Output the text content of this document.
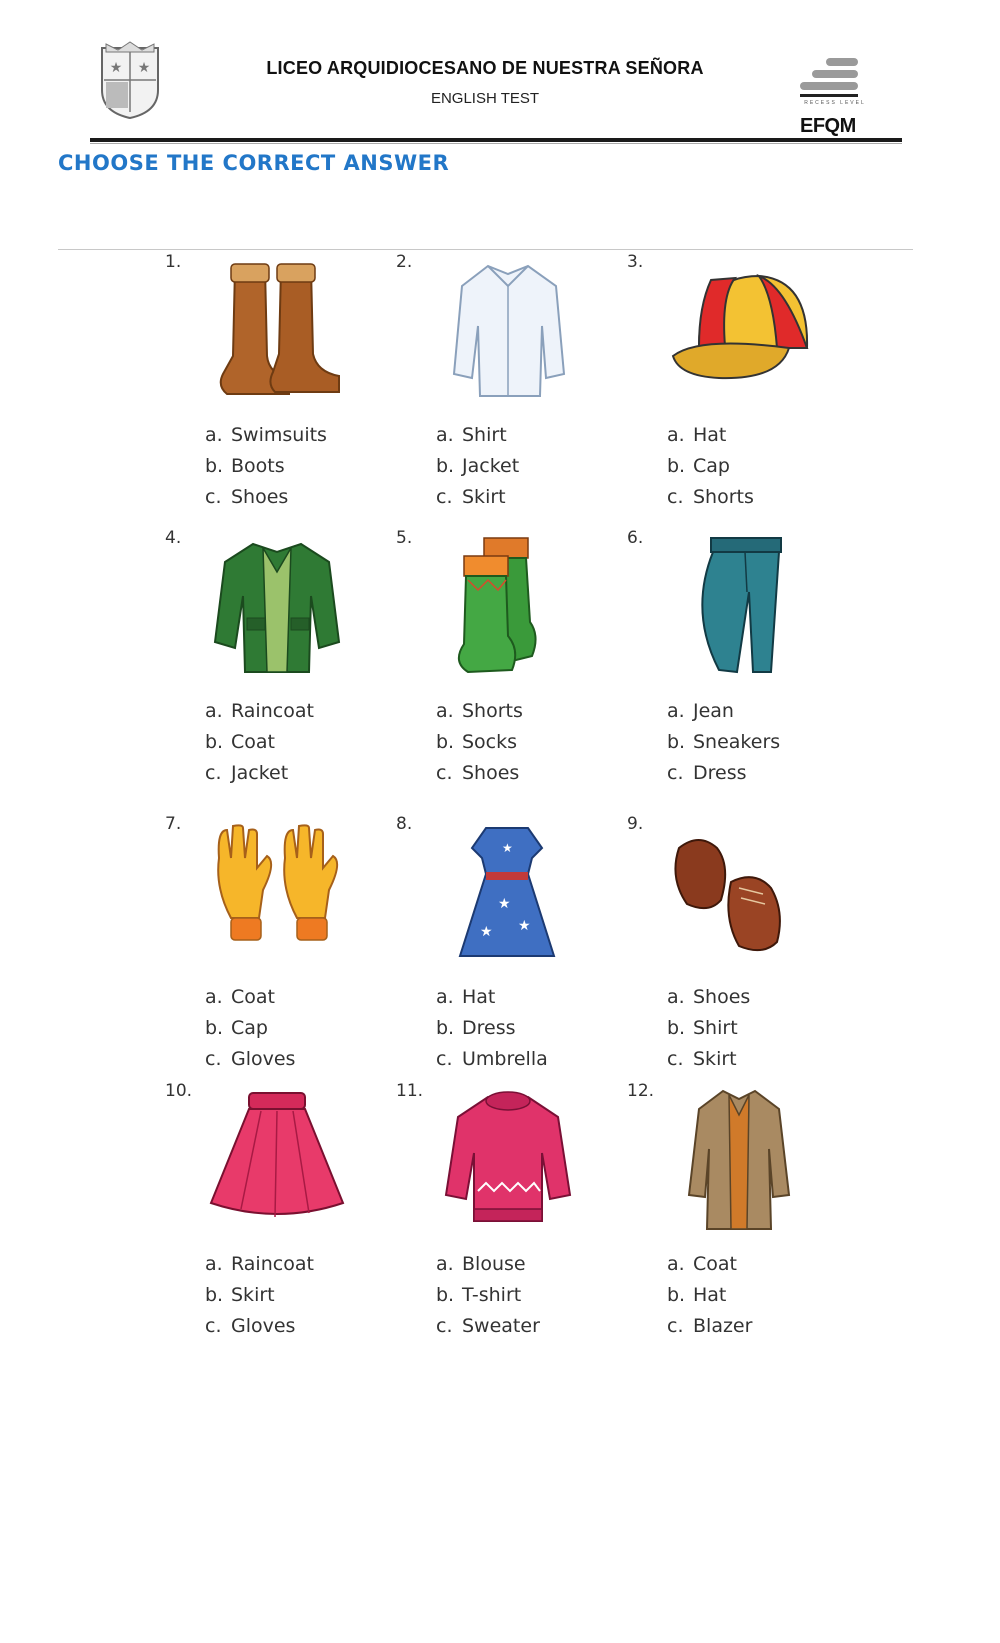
★ ★	LICEO ARQUIDIOCESANO DE NUESTRA SEÑORA
ENGLISH TEST	RECESS LEVEL
EFQM
CHOOSE THE CORRECT ANSWER
1.
a. Swimsuits
b. Boots
c. Shoes
2.
a. Shirt
b. Jacket
c. Skirt
3.
a. Hat
b. Cap
c. Shorts
4.
a. Raincoat
b. Coat
c. Jacket
5.
a. Shorts
b. Socks
c. Shoes
6.
a. Jean
b. Sneakers
c. Dress
7.
a. Coat
b. Cap
c. Gloves
8.
★
★ ★
★
a. Hat
b. Dress
c. Umbrella
9.
a. Shoes
b. Shirt
c. Skirt
10.
a. Raincoat
b. Skirt
c. Gloves
11.
a. Blouse
b. T-shirt
c. Sweater
12.
a. Coat
b. Hat
c. Blazer
